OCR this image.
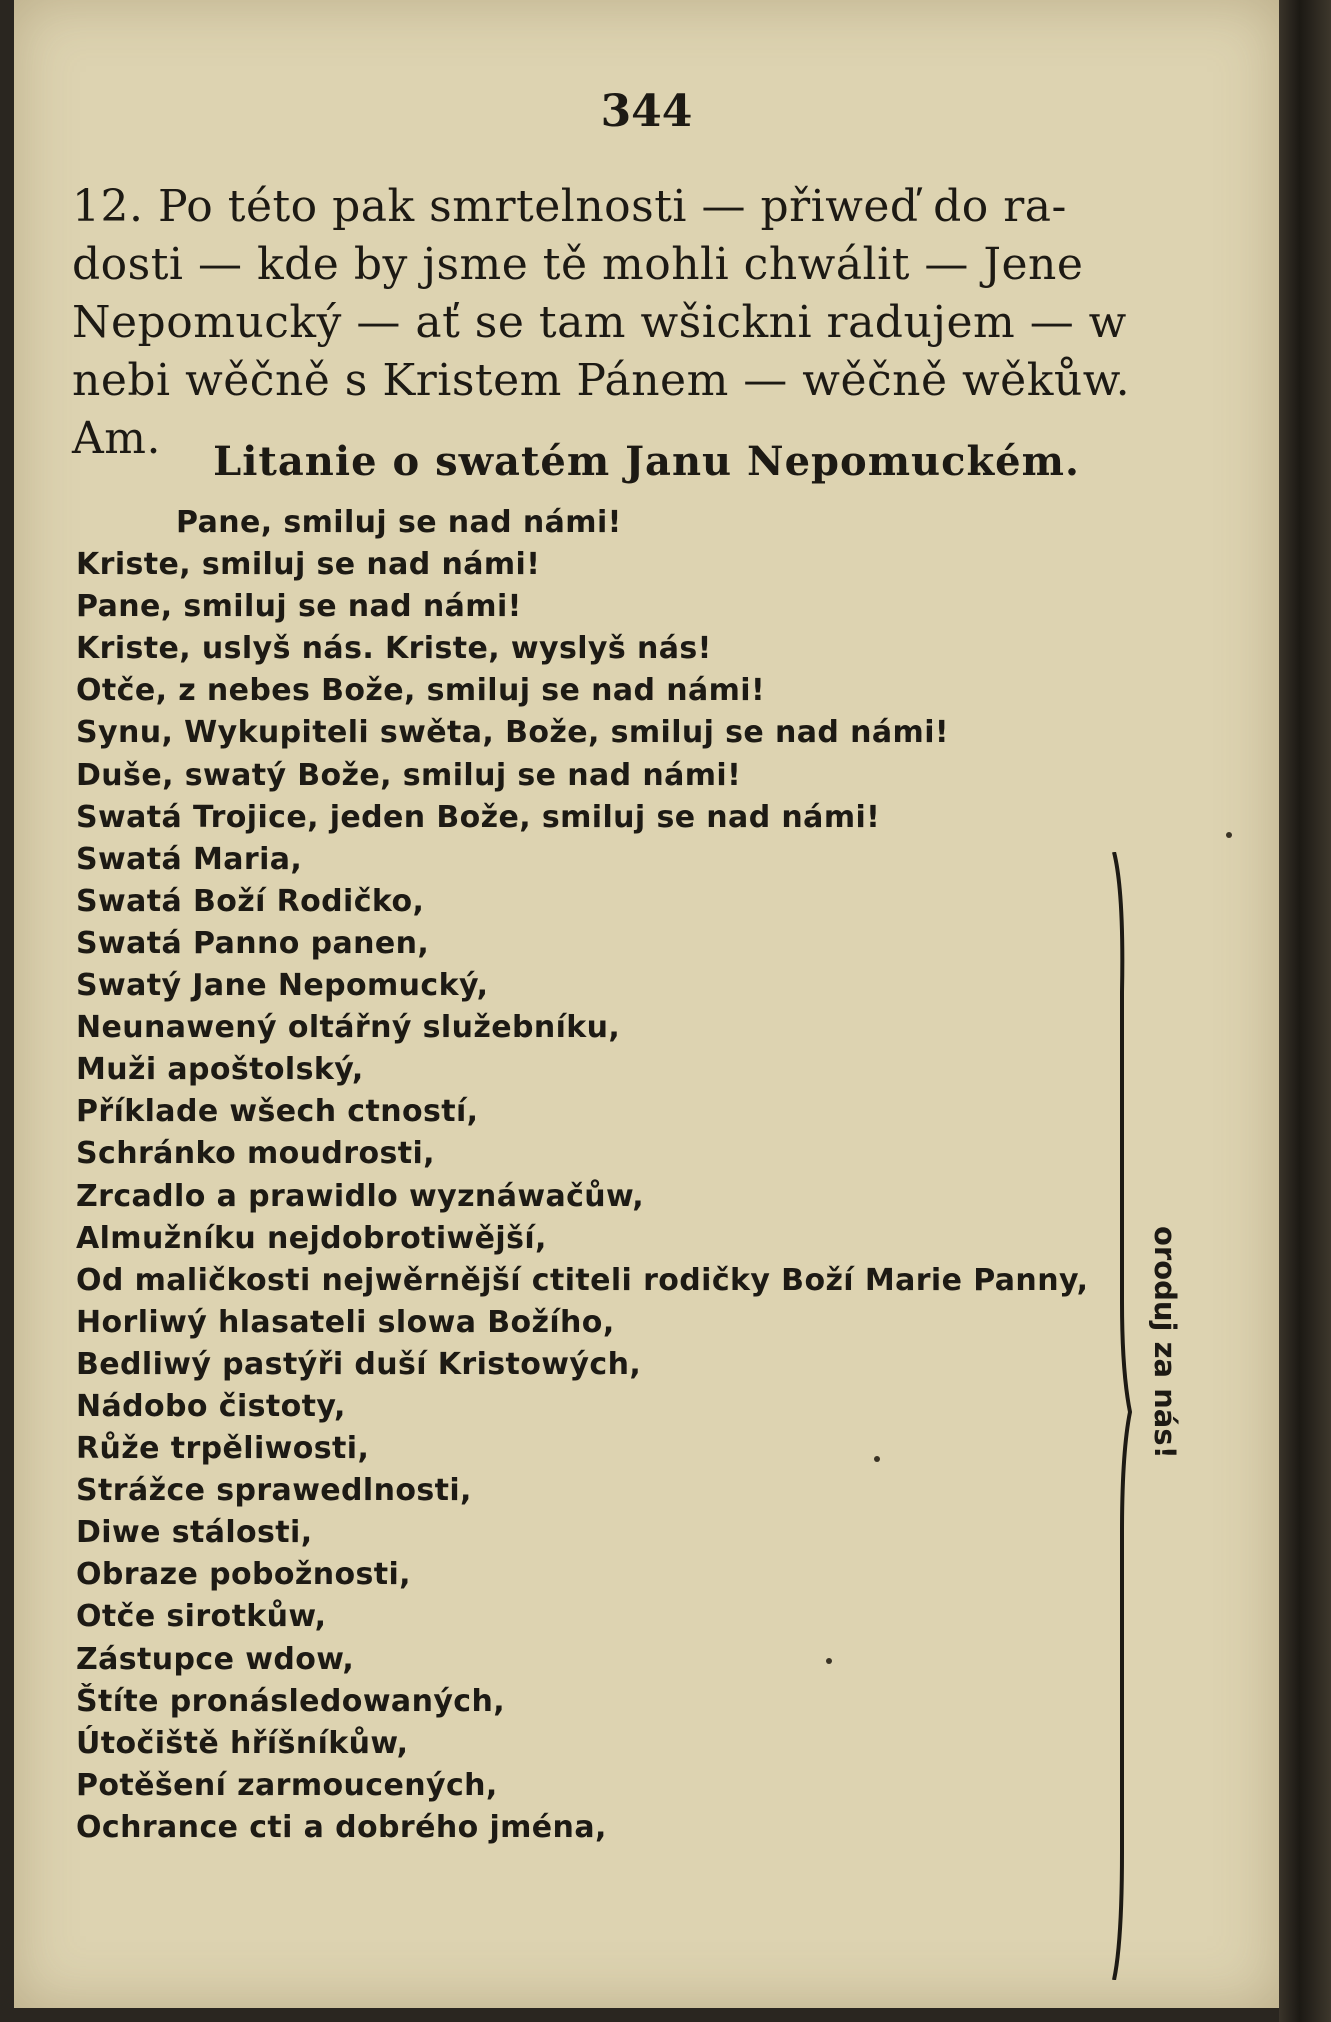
344
12. Po této pak smrtelnosti — přiweď do ra-
dosti — kde by jsme tě mohli chwálit — Jene
Nepomucký — ať se tam wšickni radujem — w
nebi wěčně s Kristem Pánem — wěčně wěkůw. Am.	Litanie o swatém Janu Nepomuckém.
Pane, smiluj se nad námi!
Kriste, smiluj se nad námi!
Pane, smiluj se nad námi!
Kriste, uslyš nás. Kriste, wyslyš nás!
Otče, z nebes Bože, smiluj se nad námi!
Synu, Wykupiteli swěta, Bože, smiluj se nad námi!
Duše, swatý Bože, smiluj se nad námi!
Swatá Trojice, jeden Bože, smiluj se nad námi!
Swatá Maria,
Swatá Boží Rodičko,
Swatá Panno panen,
Swatý Jane Nepomucký,
Neunawený oltářný služebníku,
Muži apoštolský,
Příklade wšech ctností,
Schránko moudrosti,
Zrcadlo a prawidlo wyznáwačůw,
Almužníku nejdobrotiwější,
Od maličkosti nejwěrnější ctiteli rodičky Boží Marie Panny,
Horliwý hlasateli slowa Božího,
Bedliwý pastýři duší Kristowých,
Nádobo čistoty,
Růže trpěliwosti,
Strážce sprawedlnosti,
Diwe stálosti,
Obraze pobožnosti,
Otče sirotkůw,
Zástupce wdow,
Štíte pronásledowaných,
Útočiště hříšníkůw,
Potěšení zarmoucených,
Ochrance cti a dobrého jména,
oroduj za nás!
